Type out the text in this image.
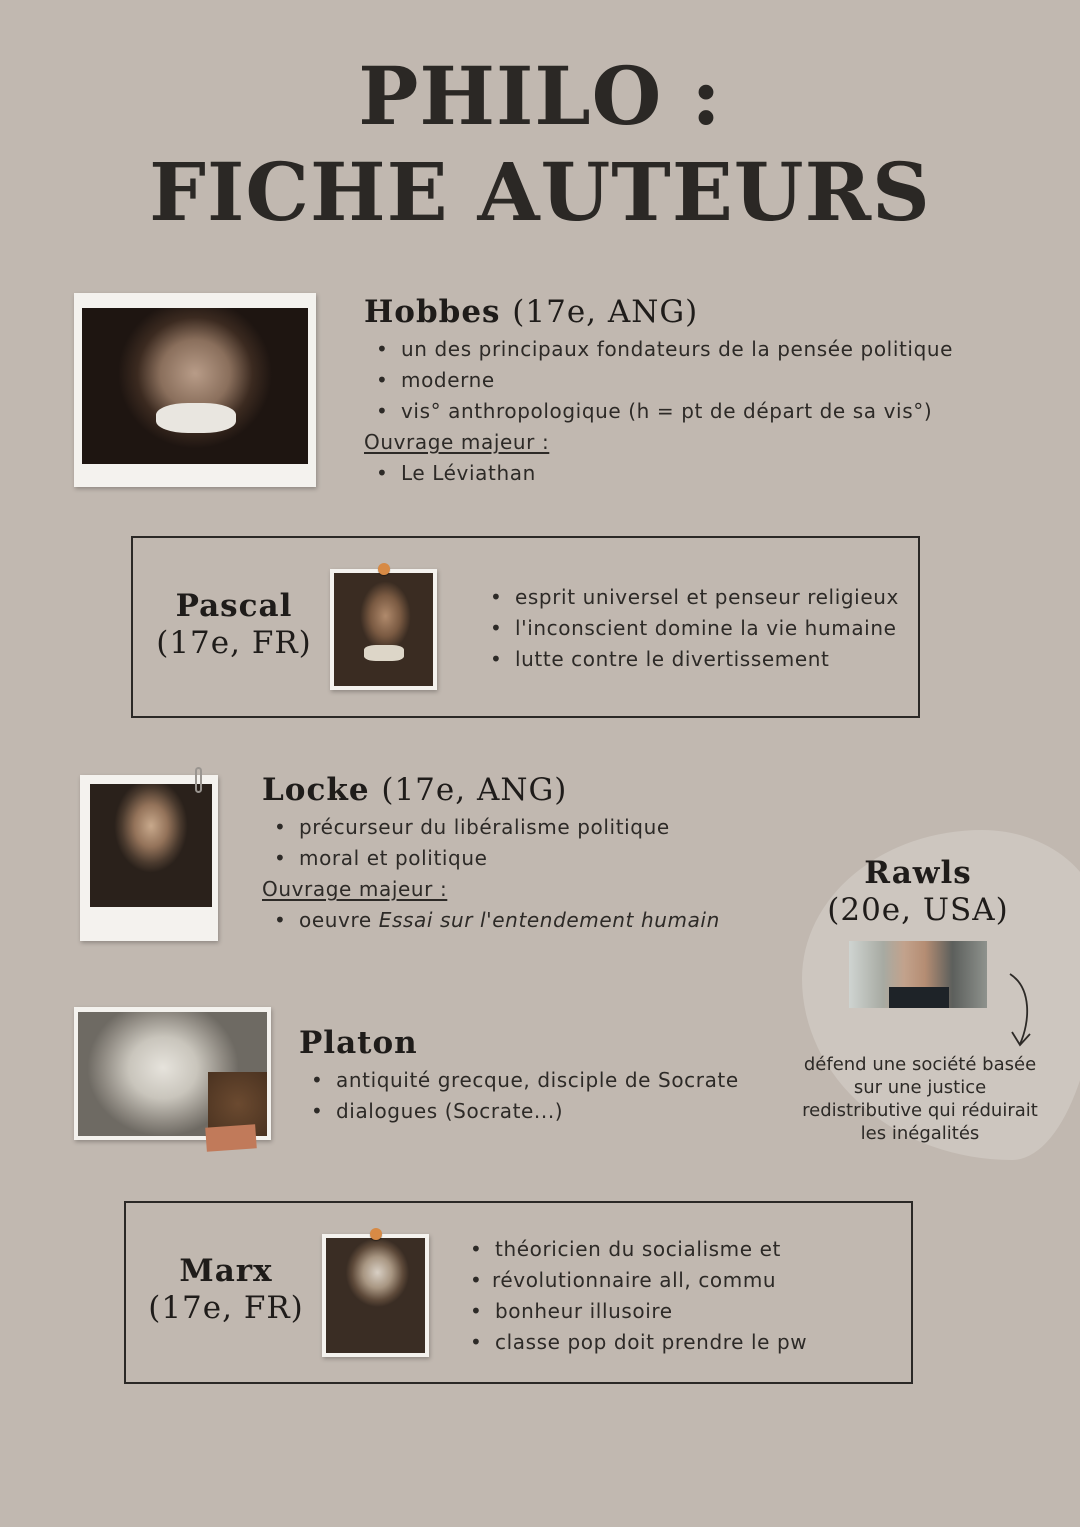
PHILO :
FICHE AUTEURS
Hobbes (17e, ANG)
• un des principaux fondateurs de la pensée politique
• moderne
• vis° anthropologique (h = pt de départ de sa vis°)
Ouvrage majeur :
• Le Léviathan
Pascal
(17e, FR)
• esprit universel et penseur religieux
• l'inconscient domine la vie humaine
• lutte contre le divertissement
Locke (17e, ANG)
• précurseur du libéralisme politique
• moral et politique
Ouvrage majeur :
• oeuvre Essai sur l'entendement humain
Rawls
(20e, USA)
défend une société basée sur une justice redistributive qui réduirait les inégalités
Platon
• antiquité grecque, disciple de Socrate
• dialogues (Socrate...)
Marx
(17e, FR)
• théoricien du socialisme et
• révolutionnaire all, commu
• bonheur illusoire
• classe pop doit prendre le pw
